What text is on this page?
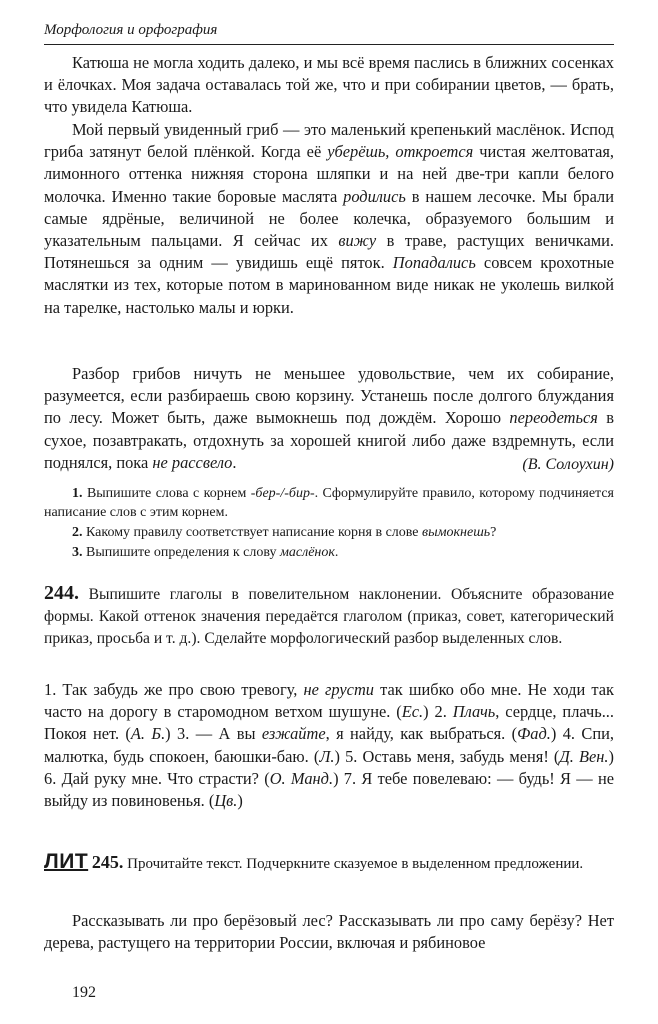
Морфология и орфография

Катюша не могла ходить далеко, и мы всё время паслись в ближних сосенках и ёлочках. Моя задача оставалась той же, что и при собирании цветов, — брать, что увидела Катюша.

Мой первый увиденный гриб — это маленький крепенький маслёнок. Испод гриба затянут белой плёнкой. Когда её уберёшь, откроется чистая желтоватая, лимонного оттенка нижняя сторона шляпки и на ней две-три капли белого молочка. Именно такие боровые маслята родились в нашем лесочке. Мы брали самые ядрёные, величиной не более колечка, образуемого большим и указательным пальцами. Я сейчас их вижу в траве, растущих веничками. Потянешься за одним — увидишь ещё пяток. Попадались совсем крохотные маслятки из тех, которые потом в маринованном виде никак не уколешь вилкой на тарелке, настолько малы и юрки.

Разбор грибов ничуть не меньшее удовольствие, чем их собирание, разумеется, если разбираешь свою корзину. Устанешь после долгого блуждания по лесу. Может быть, даже вымокнешь под дождём. Хорошо переодеться в сухое, позавтракать, отдохнуть за хорошей книгой либо даже вздремнуть, если поднялся, пока не рассвело.	(В. Солоухин)

1. Выпишите слова с корнем -бер-/-бир-. Сформулируйте правило, которому подчиняется написание слов с этим корнем.

2. Какому правилу соответствует написание корня в слове вымокнешь?

3. Выпишите определения к слову маслёнок.

244. Выпишите глаголы в повелительном наклонении. Объясните образование формы. Какой оттенок значения передаётся глаголом (приказ, совет, категорический приказ, просьба и т. д.). Сделайте морфологический разбор выделенных слов.

1. Так забудь же про свою тревогу, не грусти так шибко обо мне. Не ходи так часто на дорогу в старомодном ветхом шушуне. (Ес.) 2. Плачь, сердце, плачь... Покоя нет. (А. Б.) 3. — А вы езжайте, я найду, как выбраться. (Фад.) 4. Спи, малютка, будь спокоен, баюшки-баю. (Л.) 5. Оставь меня, забудь меня! (Д. Вен.) 6. Дай руку мне. Что страсти? (О. Манд.) 7. Я тебе повелеваю: — будь! Я — не выйду из повиновенья. (Цв.)

ЛИТ 245. Прочитайте текст. Подчеркните сказуемое в выделенном предложении.

Рассказывать ли про берёзовый лес? Рассказывать ли про саму берёзу? Нет дерева, растущего на территории России, включая и рябиновое

192
